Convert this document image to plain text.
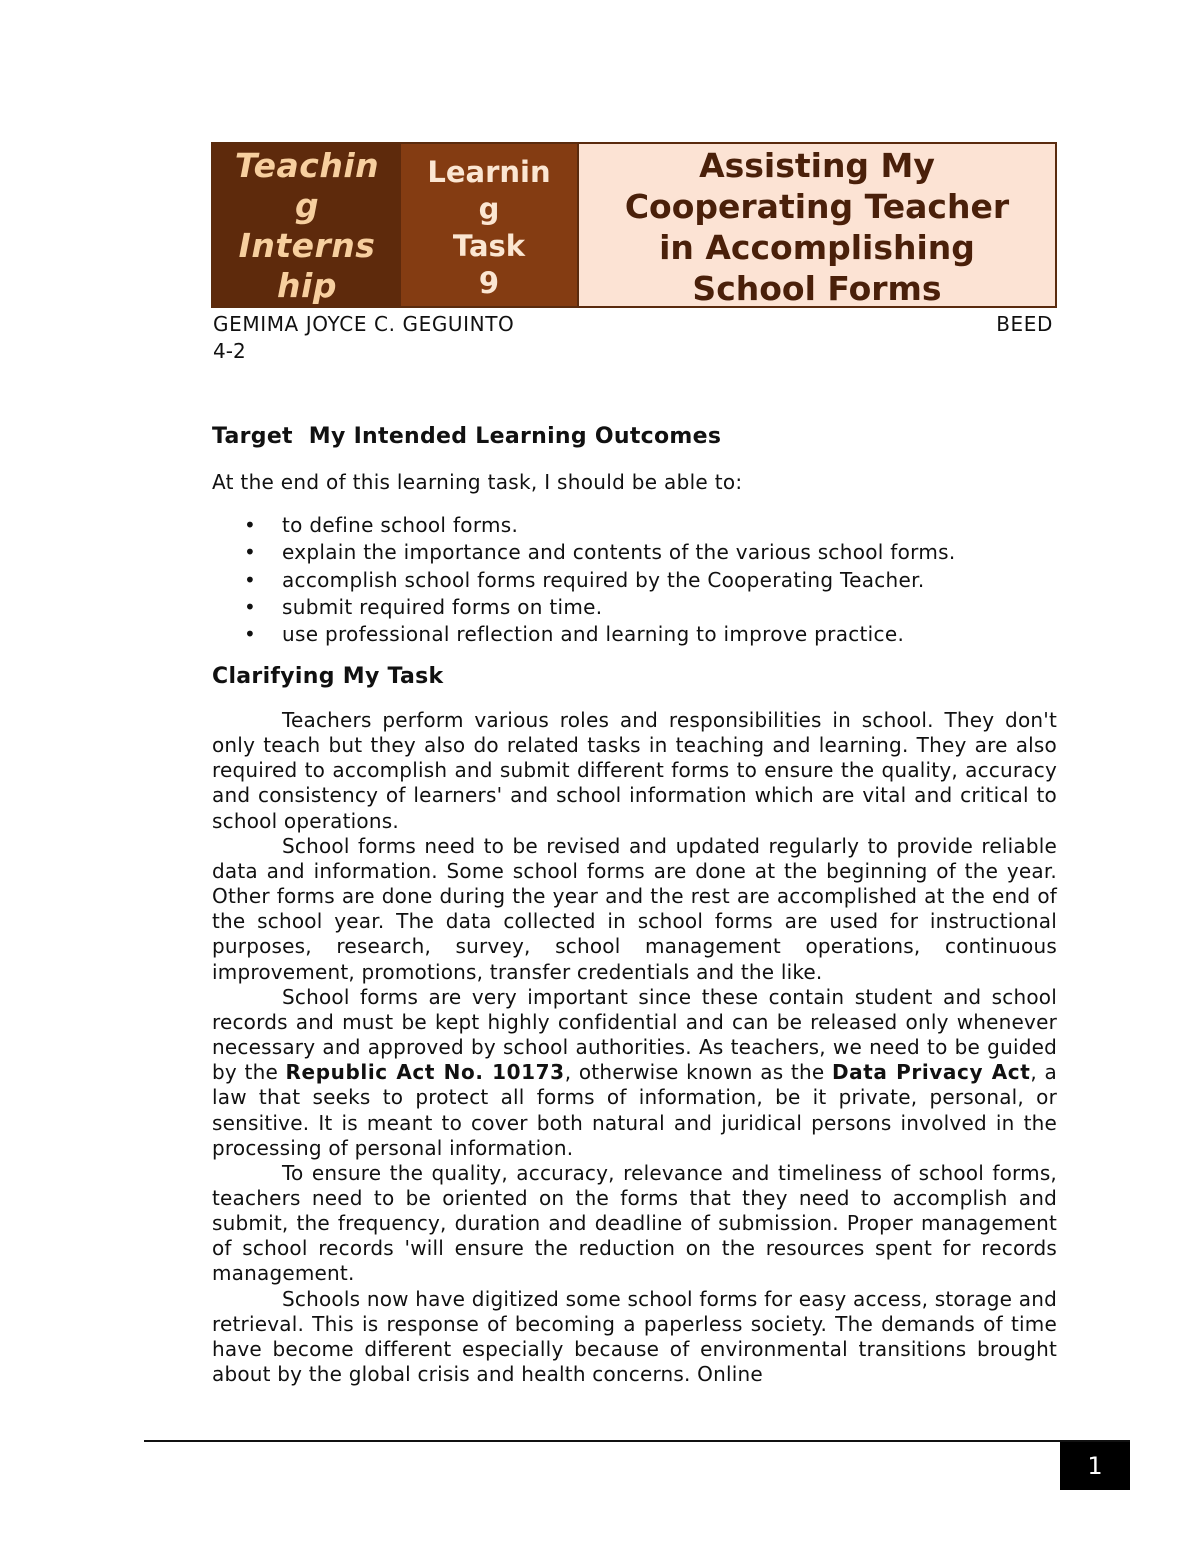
Teachin
g
Interns
hip
Learnin
g
Task
9
Assisting My
Cooperating Teacher
in Accomplishing
School Forms
GEMIMA JOYCE C. GEGUINTO	BEED
4-2
Target  My Intended Learning Outcomes
At the end of this learning task, I should be able to:
• to define school forms.
• explain the importance and contents of the various school forms.
• accomplish school forms required by the Cooperating Teacher.
• submit required forms on time.
• use professional reflection and learning to improve practice.
Clarifying My Task

Teachers perform various roles and responsibilities in school. They don't only teach but they also do related tasks in teaching and learning. They are also required to accomplish and submit different forms to ensure the quality, accuracy and consistency of learners' and school information which are vital and critical to school operations.

School forms need to be revised and updated regularly to provide reliable data and information. Some school forms are done at the beginning of the year. Other forms are done during the year and the rest are accomplished at the end of the school year. The data collected in school forms are used for instructional purposes, research, survey, school management operations, continuous improvement, promotions, transfer credentials and the like.

School forms are very important since these contain student and school records and must be kept highly confidential and can be released only whenever necessary and approved by school authorities. As teachers, we need to be guided by the Republic Act No. 10173, otherwise known as the Data Privacy Act, a law that seeks to protect all forms of information, be it private, personal, or sensitive. It is meant to cover both natural and juridical persons involved in the processing of personal information.

To ensure the quality, accuracy, relevance and timeliness of school forms, teachers need to be oriented on the forms that they need to accomplish and submit, the frequency, duration and deadline of submission. Proper management of school records 'will ensure the reduction on the resources spent for records management.

Schools now have digitized some school forms for easy access, storage and retrieval. This is response of becoming a paperless society. The demands of time have become different especially because of environmental transitions brought about by the global crisis and health concerns. Online

1
